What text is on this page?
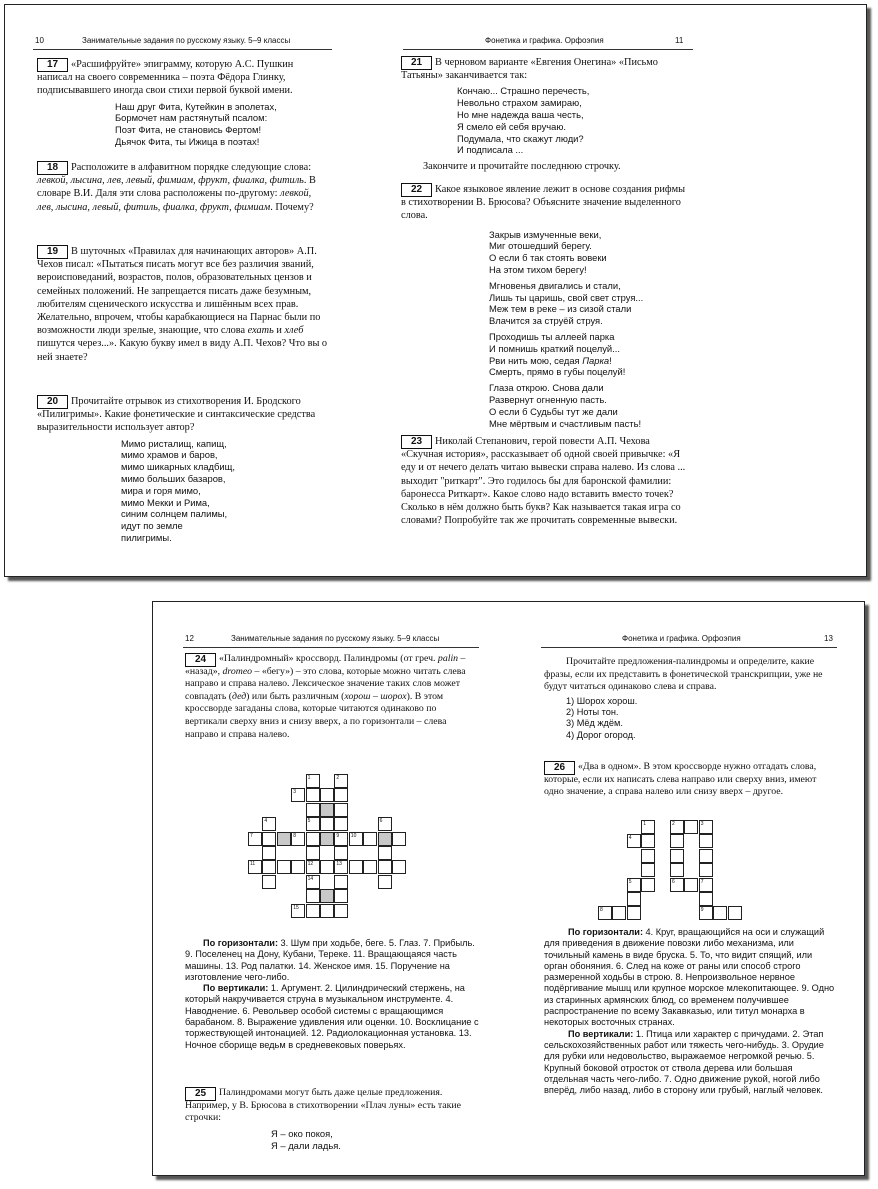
10	Занимательные задания по русскому языку. 5–9 классы
17	«Расшифруйте» эпиграмму, которую А.С. Пушкин написал на своего современника – поэта Фёдора Глинку, подписывавшего иногда свои стихи первой буквой имени.

Наш друг Фита, Кутейкин в эполетах,
Бормочет нам растянутый псалом:
Поэт Фита, не становись Фертом!
Дьячок Фита, ты Ижица в поэтах!
18	Расположите в алфавитном порядке следующие слова: левкой, лысина, лев, левый, фимиам, фрукт, фиалка, фитиль. В словаре В.И. Даля эти слова расположены по-другому: левкой, лев, лысина, левый, фитиль, фиалка, фрукт, фимиам. Почему?

19	В шуточных «Правилах для начинающих авторов» А.П. Чехов писал: «Пытаться писать могут все без различия званий, вероисповеданий, возрастов, полов, образовательных цензов и семейных положений. Не запрещается писать даже безумным, любителям сценического искусства и лишённым всех прав. Желательно, впрочем, чтобы карабкающиеся на Парнас были по возможности люди зрелые, знающие, что слова ехать и хлеб пишутся через...». Какую букву имел в виду А.П. Чехов? Что вы о ней знаете?

20	Прочитайте отрывок из стихотворения И. Бродского «Пилигримы». Какие фонетические и синтаксические средства выразительности использует автор?

Мимо ристалищ, капищ,
мимо храмов и баров,
мимо шикарных кладбищ,
мимо больших базаров,
мира и горя мимо,
мимо Мекки и Рима,
синим солнцем палимы,
идут по земле
пилигримы.
Фонетика и графика. Орфоэпия	11
21	В черновом варианте «Евгения Онегина» «Письмо Татьяны» заканчивается так:

Кончаю... Страшно перечесть,
Невольно страхом замираю,
Но мне надежда ваша честь,
Я смело ей себя вручаю.
Подумала, что скажут люди?
И подписала ...

Закончите и прочитайте последнюю строчку.

22	Какое языковое явление лежит в основе создания рифмы в стихотворении В. Брюсова? Объясните значение выделенного слова.

Закрыв измученные веки,
Миг отошедший берегу.
О если б так стоять вовеки
На этом тихом берегу!
Мгновенья двигались и стали,
Лишь ты царишь, свой свет струя...
Меж тем в реке – из сизой стали
Влачится за струёй струя.
Проходишь ты аллеей парка
И помнишь краткий поцелуй...
Рви нить мою, седая Парка!
Смерть, прямо в губы поцелуй!
Глаза открою. Снова дали
Развернут огненную пасть.
О если б Судьбы тут же дали
Мне мёртвым и счастливым пасть!
23	Николай Степанович, герой повести А.П. Чехова «Скучная история», рассказывает об одной своей привычке: «Я еду и от нечего делать читаю вывески справа налево. Из слова ... выходит "риткарт". Это годилось бы для баронской фамилии: баронесса Риткарт». Какое слово надо вставить вместо точек? Сколько в нём должно быть букв? Как называется такая игра со словами? Попробуйте так же прочитать современные вывески.

12	Занимательные задания по русскому языку. 5–9 классы
24	«Палиндромный» кроссворд. Палиндромы (от греч. palin – «назад», dromeo – «бегу») – это слова, которые можно читать слева направо и справа налево. Лексическое значение таких слов может совпадать (дед) или быть различным (хорош – шорох). В этом кроссворде загаданы слова, которые читаются одинаково по вертикали сверху вниз и снизу вверх, а по горизонтали – слева направо и справа налево.

1	2
3
4	5	6
7	8	9 10
11	12	13
14
15

По горизонтали: 3. Шум при ходьбе, беге. 5. Глаз. 7. Прибыль. 9. Поселенец на Дону, Кубани, Тереке. 11. Вращающаяся часть машины. 13. Род палатки. 14. Женское имя. 15. Поручение на изготовление чего-либо.

По вертикали: 1. Аргумент. 2. Цилиндрический стержень, на который накручивается струна в музыкальном инструменте. 4. Наводнение. 6. Револьвер особой системы с вращающимся барабаном. 8. Выражение удивления или оценки. 10. Восклицание с торжествующей интонацией. 12. Радиолокационная установка. 13. Ночное сборище ведьм в средневековых поверьях.

25	Палиндромами могут быть даже целые предложения. Например, у В. Брюсова в стихотворении «Плач луны» есть такие строчки:

Я – око покоя,
Я – дали ладья.
Фонетика и графика. Орфоэпия	13

Прочитайте предложения-палиндромы и определите, какие фразы, если их представить в фонетической транскрипции, уже не будут читаться одинаково слева и справа.

1) Шорох хорош.
2) Ноты тон.
3) Мёд ждём.
4) Дорог огород.
26	«Два в одном». В этом кроссворде нужно отгадать слова, которые, если их написать слева направо или сверху вниз, имеют одно значение, а справа налево или снизу вверх – другое.

1	2	3
4
5	6	7
8	9

По горизонтали: 4. Круг, вращающийся на оси и служащий для приведения в движение повозки либо механизма, или точильный камень в виде бруска. 5. То, что видит спящий, или орган обоняния. 6. След на коже от раны или способ строго размеренной ходьбы в строю. 8. Непроизвольное нервное подёргивание мышц или крупное морское млекопитающее. 9. Одно из старинных армянских блюд, со временем получившее распространение по всему Закавказью, или титул монарха в некоторых восточных странах.

По вертикали: 1. Птица или характер с причудами. 2. Этап сельскохозяйственных работ или тяжесть чего-нибудь. 3. Орудие для рубки или недовольство, выражаемое негромкой речью. 5. Крупный боковой отросток от ствола дерева или большая отдельная часть чего-либо. 7. Одно движение рукой, ногой либо вперёд, либо назад, либо в сторону или грубый, наглый человек.
